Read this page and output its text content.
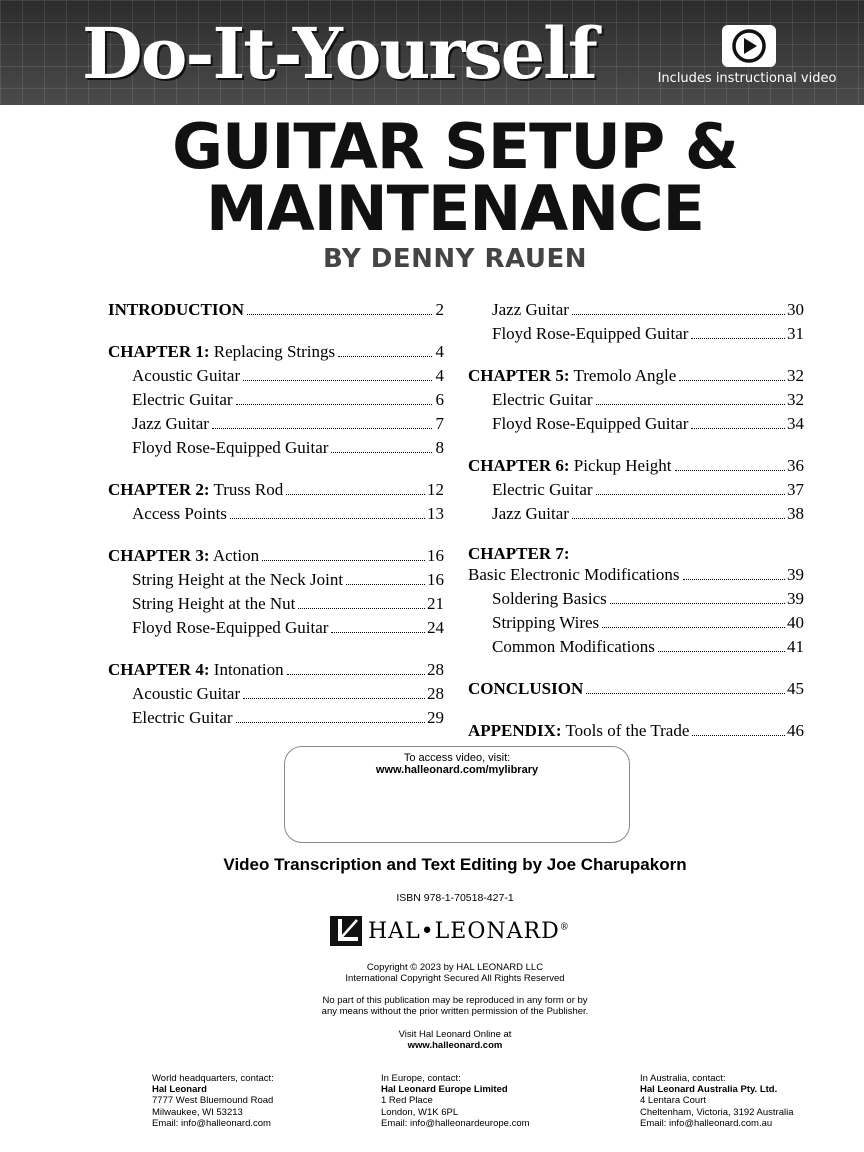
Do-It-Yourself	Includes instructional video
GUITAR SETUP &
MAINTENANCE
BY DENNY RAUEN
INTRODUCTION	2
CHAPTER 1: Replacing Strings	4
Acoustic Guitar	4
Electric Guitar	6
Jazz Guitar	7
Floyd Rose-Equipped Guitar	8
CHAPTER 2: Truss Rod	12
Access Points	13
CHAPTER 3: Action	16
String Height at the Neck Joint	16
String Height at the Nut	21
Floyd Rose-Equipped Guitar	24
CHAPTER 4: Intonation	28
Acoustic Guitar	28
Electric Guitar	29
Jazz Guitar	30
Floyd Rose-Equipped Guitar	31
CHAPTER 5: Tremolo Angle	32
Electric Guitar	32
Floyd Rose-Equipped Guitar	34
CHAPTER 6: Pickup Height	36
Electric Guitar	37
Jazz Guitar	38
CHAPTER 7:
Basic Electronic Modifications	39
Soldering Basics	39
Stripping Wires	40
Common Modifications	41
CONCLUSION	45
APPENDIX: Tools of the Trade	46
To access video, visit:
www.halleonard.com/mylibrary
Video Transcription and Text Editing by Joe Charupakorn
ISBN 978-1-70518-427-1
HAL•LEONARD®
Copyright © 2023 by HAL LEONARD LLC
International Copyright Secured All Rights Reserved
No part of this publication may be reproduced in any form or by
any means without the prior written permission of the Publisher.
Visit Hal Leonard Online at
www.halleonard.com
World headquarters, contact:
Hal Leonard
7777 West Bluemound Road
Milwaukee, WI 53213
Email: info@halleonard.com
In Europe, contact:
Hal Leonard Europe Limited
1 Red Place
London, W1K 6PL
Email: info@halleonardeurope.com
In Australia, contact:
Hal Leonard Australia Pty. Ltd.
4 Lentara Court
Cheltenham, Victoria, 3192 Australia
Email: info@halleonard.com.au
